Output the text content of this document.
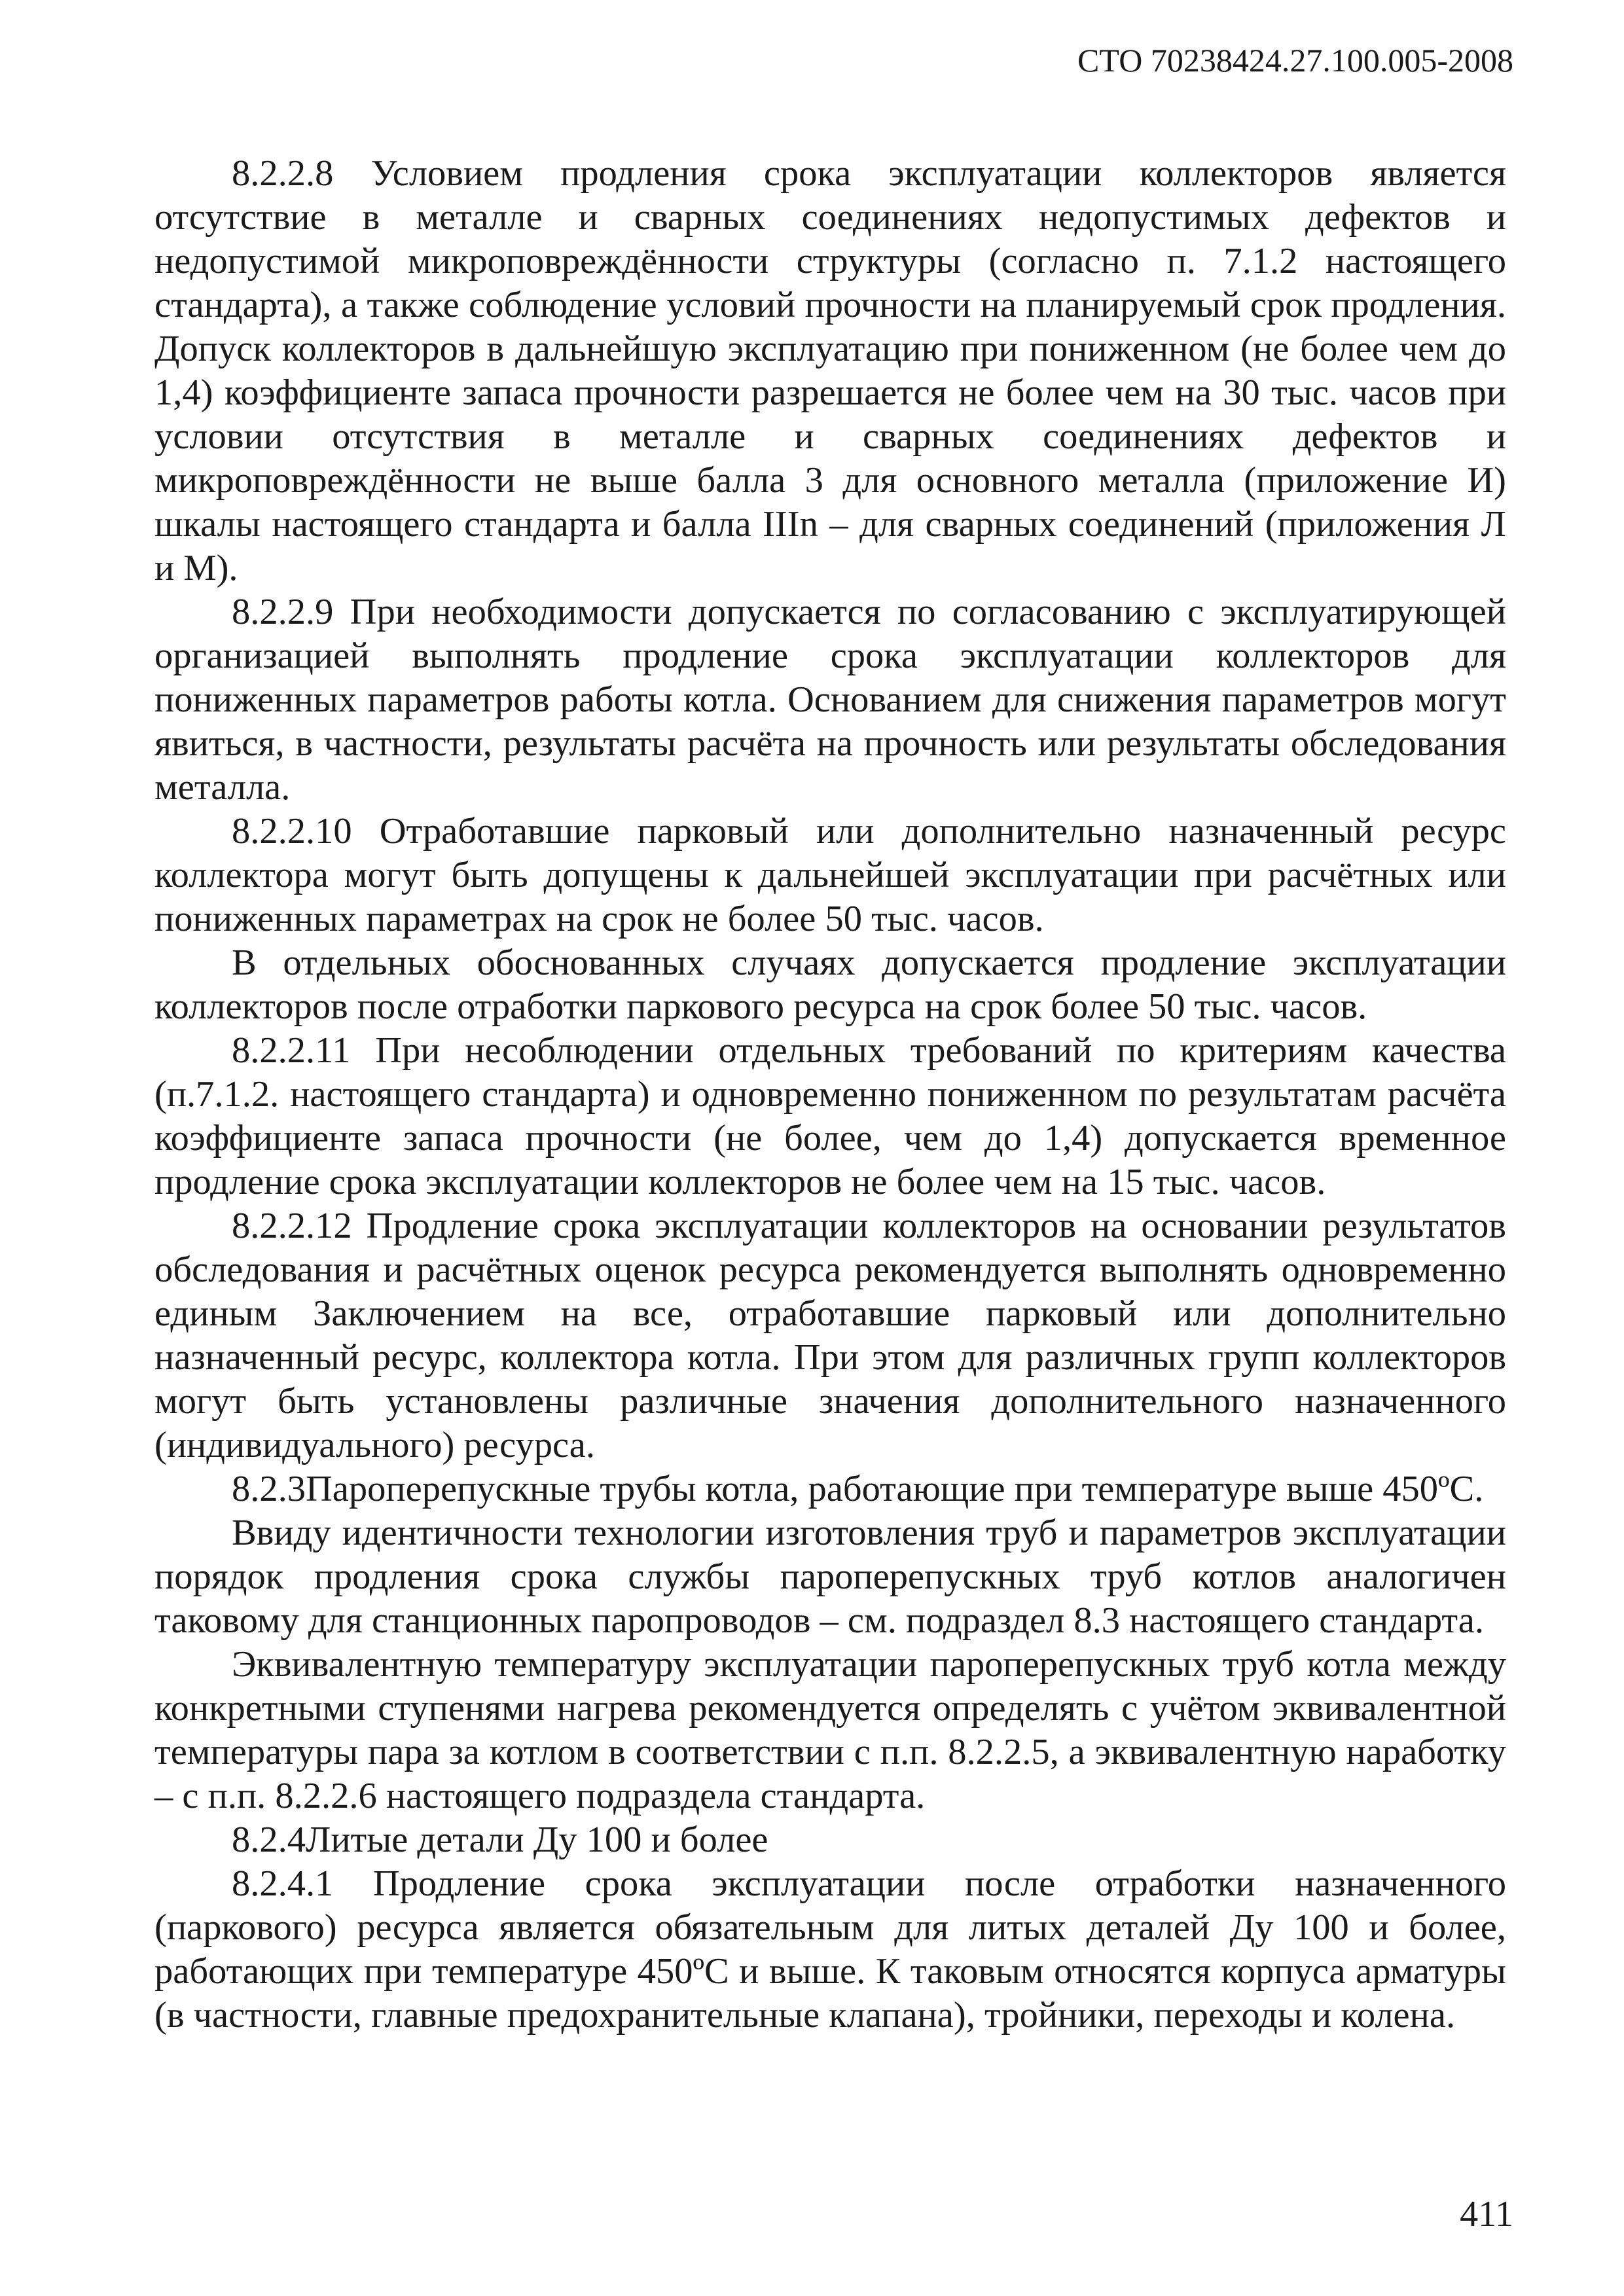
СТО 70238424.27.100.005-2008

8.2.2.8 Условием продления срока эксплуатации коллекторов является отсутствие в металле и сварных соединениях недопустимых дефектов и недопустимой микроповреждённости структуры (согласно п. 7.1.2 настоящего стандарта), а также соблюдение условий прочности на планируемый срок продления. Допуск коллекторов в дальнейшую эксплуатацию при пониженном (не более чем до 1,4) коэффициенте запаса прочности разрешается не более чем на 30 тыс. часов при условии отсутствия в металле и сварных соединениях дефектов и микроповреждённости не выше балла 3 для основного металла (приложение И) шкалы настоящего стандарта и балла IIIn – для сварных соединений (приложения Л и М).

8.2.2.9 При необходимости допускается по согласованию с эксплуатирующей организацией выполнять продление срока эксплуатации коллекторов для пониженных параметров работы котла. Основанием для снижения параметров могут явиться, в частности, результаты расчёта на прочность или результаты обследования металла.

8.2.2.10 Отработавшие парковый или дополнительно назначенный ресурс коллектора могут быть допущены к дальнейшей эксплуатации при расчётных или пониженных параметрах на срок не более 50 тыс. часов.

В отдельных обоснованных случаях допускается продление эксплуатации коллекторов после отработки паркового ресурса на срок более 50 тыс. часов.

8.2.2.11 При несоблюдении отдельных требований по критериям качества (п.7.1.2. настоящего стандарта) и одновременно пониженном по результатам расчёта коэффициенте запаса прочности (не более, чем до 1,4) допускается временное продление срока эксплуатации коллекторов не более чем на 15 тыс. часов.

8.2.2.12 Продление срока эксплуатации коллекторов на основании результатов обследования и расчётных оценок ресурса рекомендуется выполнять одновременно единым Заключением на все, отработавшие парковый или дополнительно назначенный ресурс, коллектора котла. При этом для различных групп коллекторов могут быть установлены различные значения дополнительного назначенного (индивидуального) ресурса.

8.2.3Пароперепускные трубы котла, работающие при температуре выше 450ºС.

Ввиду идентичности технологии изготовления труб и параметров эксплуатации порядок продления срока службы пароперепускных труб котлов аналогичен таковому для станционных паропроводов – см. подраздел 8.3 настоящего стандарта.

Эквивалентную температуру эксплуатации пароперепускных труб котла между конкретными ступенями нагрева рекомендуется определять с учётом эквивалентной температуры пара за котлом в соответствии с п.п. 8.2.2.5, а эквивалентную наработку – с п.п. 8.2.2.6 настоящего подраздела стандарта.

8.2.4Литые детали Ду 100 и более

8.2.4.1 Продление срока эксплуатации после отработки назначенного (паркового) ресурса является обязательным для литых деталей Ду 100 и более, работающих при температуре 450ºС и выше. К таковым относятся корпуса арматуры (в частности, главные предохранительные клапана), тройники, переходы и колена.

411
